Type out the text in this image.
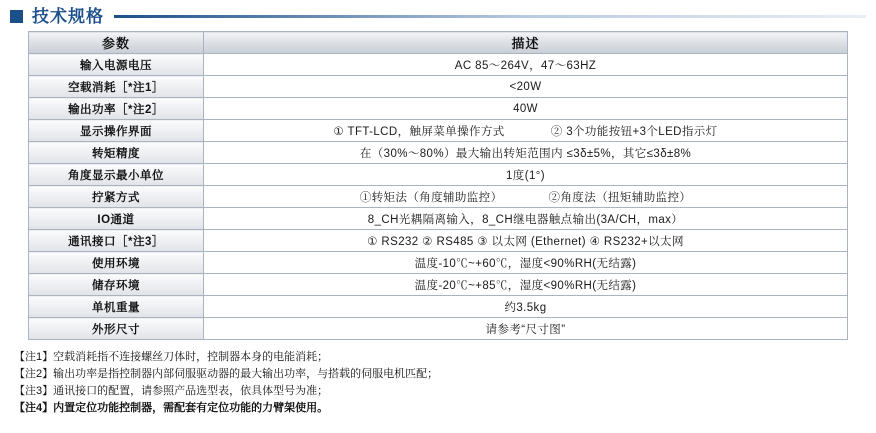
技术规格
参数	描述
输入电源电压	AC 85～264V，47～63HZ
空载消耗［*注1］	<20W
输出功率［*注2］	40W
显示操作界面	① TFT-LCD，触屏菜单操作方式 ② 3个功能按钮+3个LED指示灯
转矩精度	在（30%～80%）最大输出转矩范围内 ≤3δ±5%，其它≤3δ±8%
角度显示最小单位	1度(1°)
拧紧方式	①转矩法（角度辅助监控） ②角度法（扭矩辅助监控）
IO通道	8_CH光耦隔离输入，8_CH继电器触点输出(3A/CH，max）
通讯接口［*注3］	① RS232 ② RS485 ③ 以太网 (Ethernet) ④ RS232+以太网
使用环境	温度-10℃~+60℃，湿度<90%RH(无结露)
储存环境	温度-20℃~+85℃，湿度<90%RH(无结露)
单机重量	约3.5kg
外形尺寸	请参考“尺寸图”
【注1】空载消耗指不连接螺丝刀体时，控制器本身的电能消耗；
【注2】输出功率是指控制器内部伺服驱动器的最大输出功率，与搭载的伺服电机匹配；
【注3】通讯接口的配置，请参照产品选型表，依具体型号为准；
【注4】内置定位功能控制器，需配套有定位功能的力臂架使用。
